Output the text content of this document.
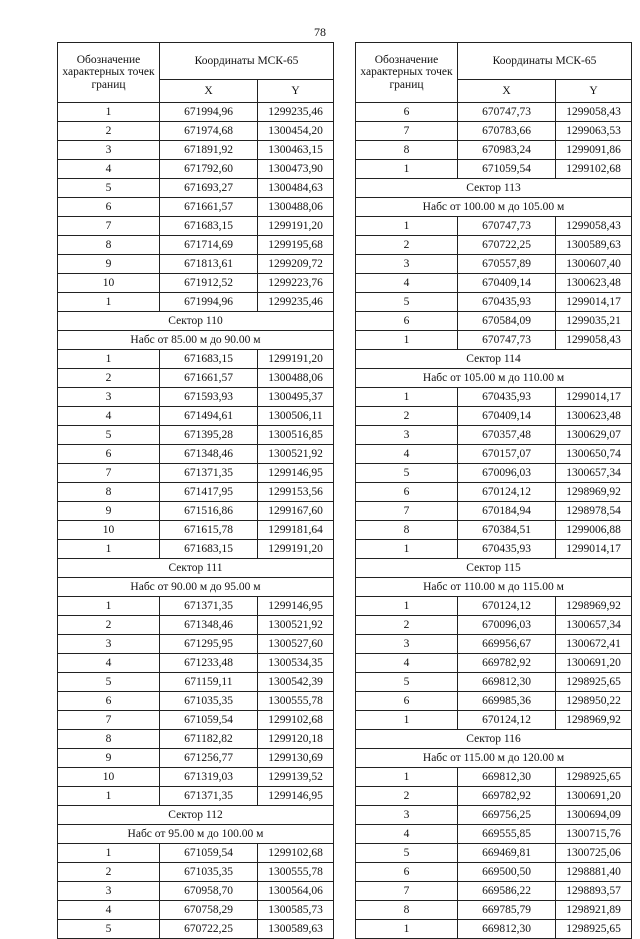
78
Обозначение характерных точек границ	Координаты МСК-65	
	X	Y
1	671994,96	1299235,46
2	671974,68	1300454,20
3	671891,92	1300463,15
4	671792,60	1300473,90
5	671693,27	1300484,63
6	671661,57	1300488,06
7	671683,15	1299191,20
8	671714,69	1299195,68
9	671813,61	1299209,72
10	671912,52	1299223,76
1	671994,96	1299235,46
Сектор 110		
Набс от 85.00 м до 90.00 м		
1	671683,15	1299191,20
2	671661,57	1300488,06
3	671593,93	1300495,37
4	671494,61	1300506,11
5	671395,28	1300516,85
6	671348,46	1300521,92
7	671371,35	1299146,95
8	671417,95	1299153,56
9	671516,86	1299167,60
10	671615,78	1299181,64
1	671683,15	1299191,20
Сектор 111		
Набс от 90.00 м до 95.00 м		
1	671371,35	1299146,95
2	671348,46	1300521,92
3	671295,95	1300527,60
4	671233,48	1300534,35
5	671159,11	1300542,39
6	671035,35	1300555,78
7	671059,54	1299102,68
8	671182,82	1299120,18
9	671256,77	1299130,69
10	671319,03	1299139,52
1	671371,35	1299146,95
Сектор 112		
Набс от 95.00 м до 100.00 м		
1	671059,54	1299102,68
2	671035,35	1300555,78
3	670958,70	1300564,06
4	670758,29	1300585,73
5	670722,25	1300589,63
Обозначение характерных точек границ	Координаты МСК-65	
	X	Y
6	670747,73	1299058,43
7	670783,66	1299063,53
8	670983,24	1299091,86
1	671059,54	1299102,68
Сектор 113		
Набс от 100.00 м до 105.00 м		
1	670747,73	1299058,43
2	670722,25	1300589,63
3	670557,89	1300607,40
4	670409,14	1300623,48
5	670435,93	1299014,17
6	670584,09	1299035,21
1	670747,73	1299058,43
Сектор 114		
Набс от 105.00 м до 110.00 м		
1	670435,93	1299014,17
2	670409,14	1300623,48
3	670357,48	1300629,07
4	670157,07	1300650,74
5	670096,03	1300657,34
6	670124,12	1298969,92
7	670184,94	1298978,54
8	670384,51	1299006,88
1	670435,93	1299014,17
Сектор 115		
Набс от 110.00 м до 115.00 м		
1	670124,12	1298969,92
2	670096,03	1300657,34
3	669956,67	1300672,41
4	669782,92	1300691,20
5	669812,30	1298925,65
6	669985,36	1298950,22
1	670124,12	1298969,92
Сектор 116		
Набс от 115.00 м до 120.00 м		
1	669812,30	1298925,65
2	669782,92	1300691,20
3	669756,25	1300694,09
4	669555,85	1300715,76
5	669469,81	1300725,06
6	669500,50	1298881,40
7	669586,22	1298893,57
8	669785,79	1298921,89
1	669812,30	1298925,65
